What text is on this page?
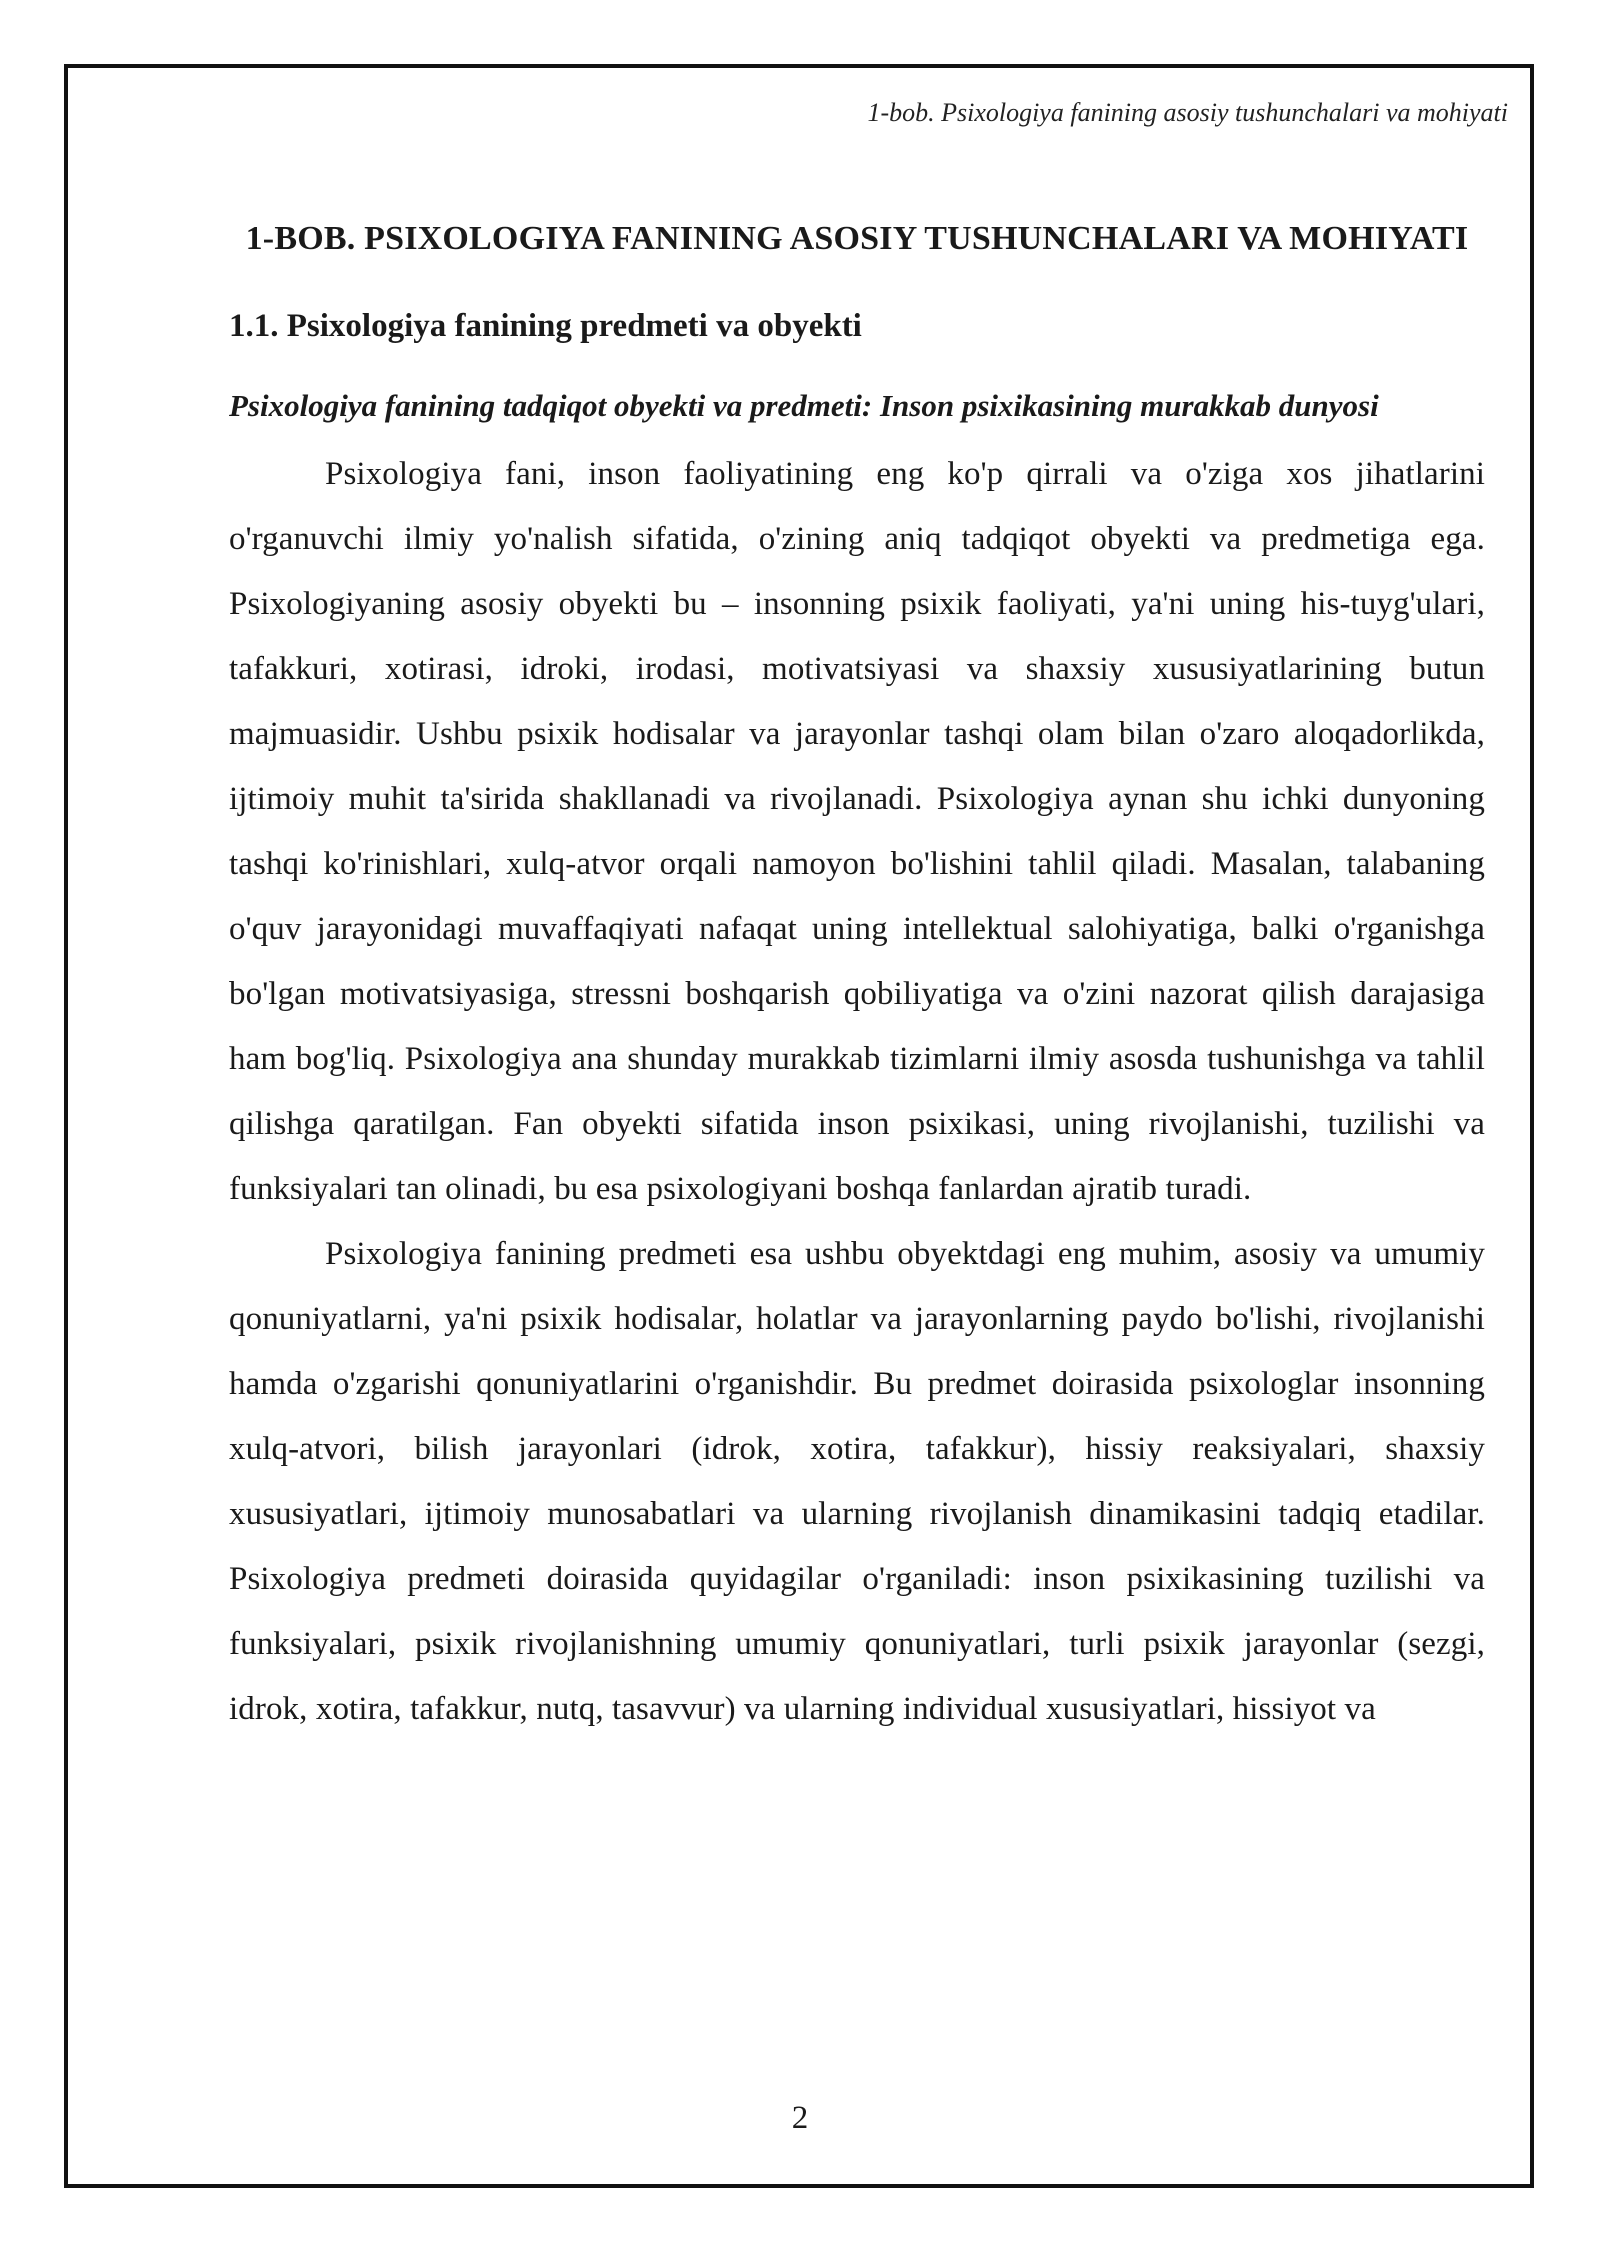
1-bob. Psixologiya fanining asosiy tushunchalari va mohiyati
1-BOB. PSIXOLOGIYA FANINING ASOSIY TUSHUNCHALARI VA MOHIYATI
1.1. Psixologiya fanining predmeti va obyekti
Psixologiya fanining tadqiqot obyekti va predmeti: Inson psixikasining murakkab dunyosi

Psixologiya fani, inson faoliyatining eng ko'p qirrali va o'ziga xos jihatlarini o'rganuvchi ilmiy yo'nalish sifatida, o'zining aniq tadqiqot obyekti va predmetiga ega. Psixologiyaning asosiy obyekti bu – insonning psixik faoliyati, ya'ni uning his-tuyg'ulari, tafakkuri, xotirasi, idroki, irodasi, motivatsiyasi va shaxsiy xususiyatlarining butun majmuasidir. Ushbu psixik hodisalar va jarayonlar tashqi olam bilan o'zaro aloqadorlikda, ijtimoiy muhit ta'sirida shakllanadi va rivojlanadi. Psixologiya aynan shu ichki dunyoning tashqi ko'rinishlari, xulq-atvor orqali namoyon bo'lishini tahlil qiladi. Masalan, talabaning o'quv jarayonidagi muvaffaqiyati nafaqat uning intellektual salohiyatiga, balki o'rganishga bo'lgan motivatsiyasiga, stressni boshqarish qobiliyatiga va o'zini nazorat qilish darajasiga ham bog'liq. Psixologiya ana shunday murakkab tizimlarni ilmiy asosda tushunishga va tahlil qilishga qaratilgan. Fan obyekti sifatida inson psixikasi, uning rivojlanishi, tuzilishi va funksiyalari tan olinadi, bu esa psixologiyani boshqa fanlardan ajratib turadi.

Psixologiya fanining predmeti esa ushbu obyektdagi eng muhim, asosiy va umumiy qonuniyatlarni, ya'ni psixik hodisalar, holatlar va jarayonlarning paydo bo'lishi, rivojlanishi hamda o'zgarishi qonuniyatlarini o'rganishdir. Bu predmet doirasida psixologlar insonning xulq-atvori, bilish jarayonlari (idrok, xotira, tafakkur), hissiy reaksiyalari, shaxsiy xususiyatlari, ijtimoiy munosabatlari va ularning rivojlanish dinamikasini tadqiq etadilar. Psixologiya predmeti doirasida quyidagilar o'rganiladi: inson psixikasining tuzilishi va funksiyalari, psixik rivojlanishning umumiy qonuniyatlari, turli psixik jarayonlar (sezgi, idrok, xotira, tafakkur, nutq, tasavvur) va ularning individual xususiyatlari, hissiyot va

2
